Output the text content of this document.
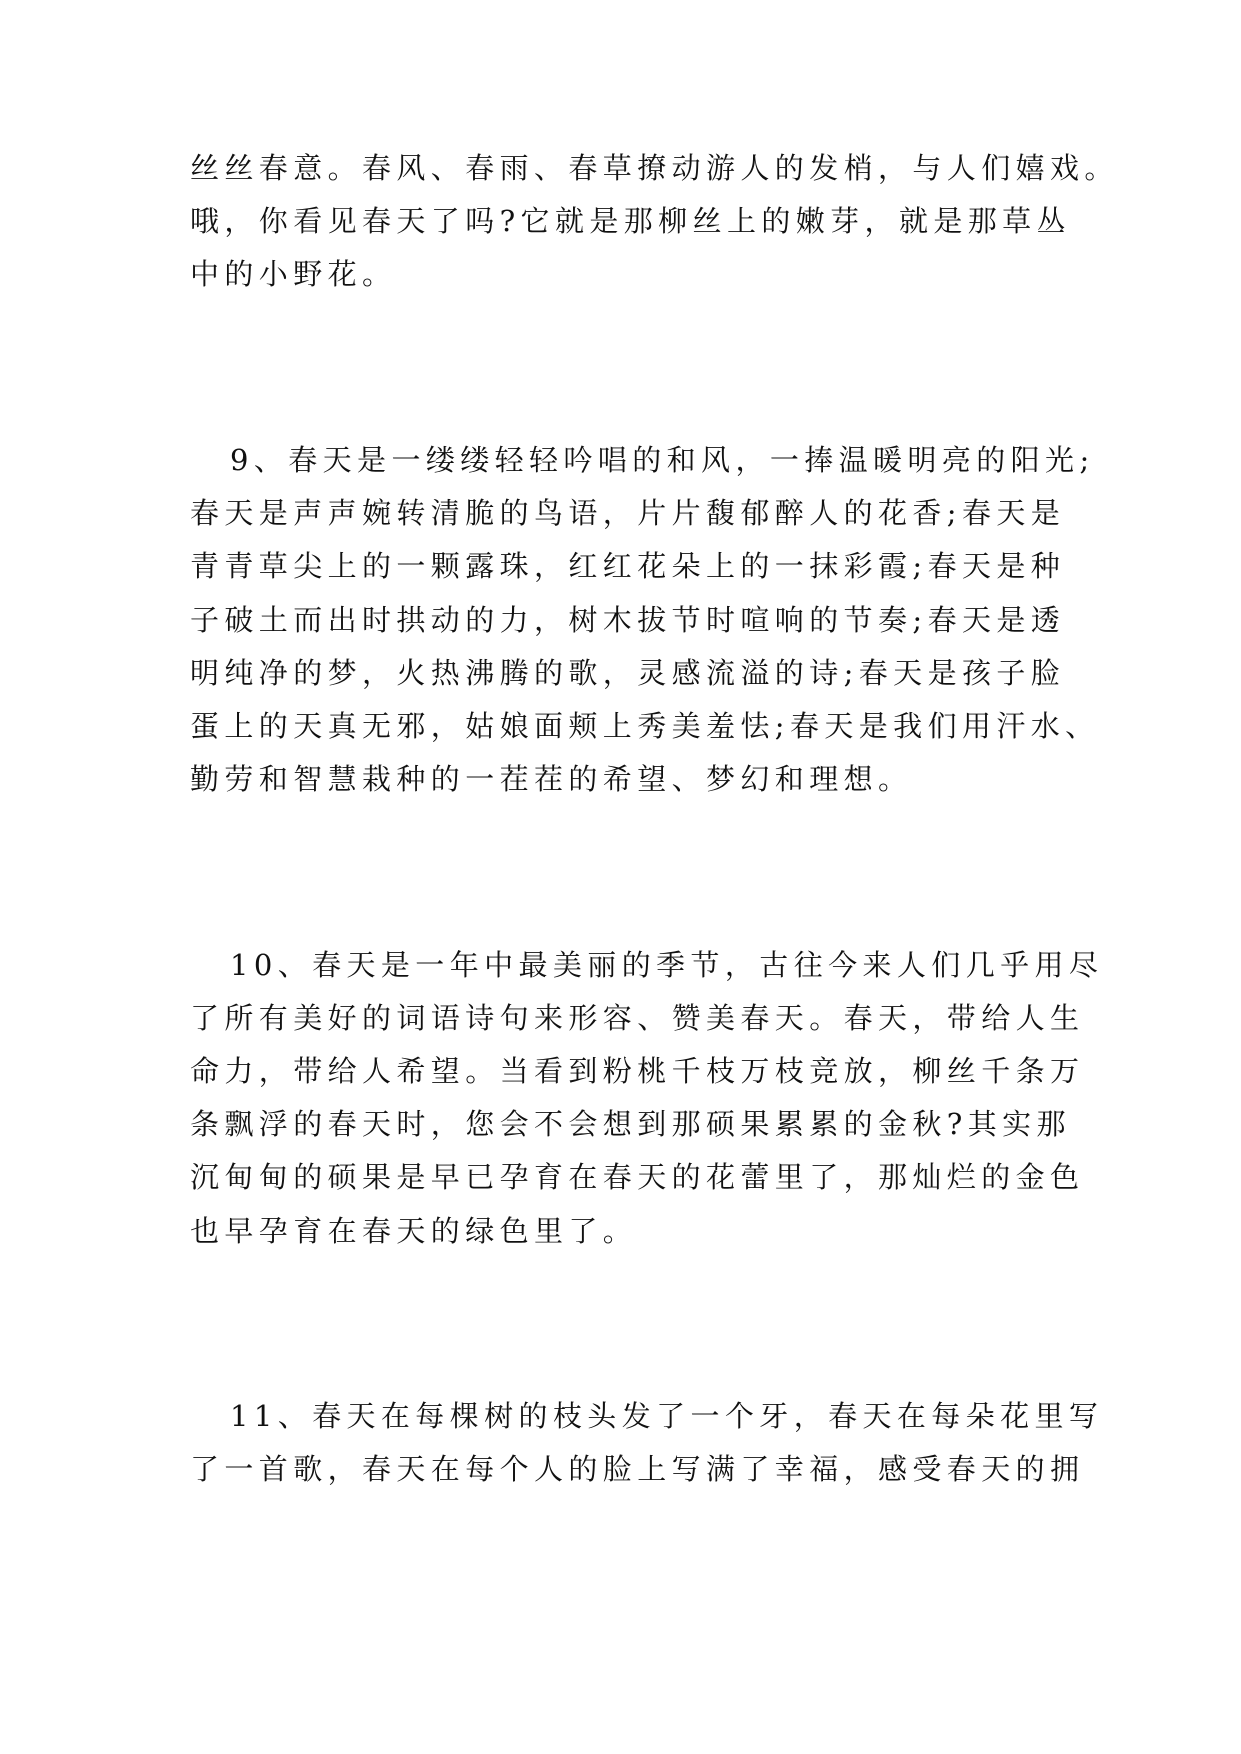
丝丝春意。春风、春雨、春草撩动游人的发梢，与人们嬉戏。
哦，你看见春天了吗?它就是那柳丝上的嫩芽，就是那草丛
中的小野花。
9、春天是一缕缕轻轻吟唱的和风，一捧温暖明亮的阳光;
春天是声声婉转清脆的鸟语，片片馥郁醉人的花香;春天是
青青草尖上的一颗露珠，红红花朵上的一抹彩霞;春天是种
子破土而出时拱动的力，树木拔节时喧响的节奏;春天是透
明纯净的梦，火热沸腾的歌，灵感流溢的诗;春天是孩子脸
蛋上的天真无邪，姑娘面颊上秀美羞怯;春天是我们用汗水、
勤劳和智慧栽种的一茬茬的希望、梦幻和理想。
10、春天是一年中最美丽的季节，古往今来人们几乎用尽
了所有美好的词语诗句来形容、赞美春天。春天，带给人生
命力，带给人希望。当看到粉桃千枝万枝竞放，柳丝千条万
条飘浮的春天时，您会不会想到那硕果累累的金秋?其实那
沉甸甸的硕果是早已孕育在春天的花蕾里了，那灿烂的金色
也早孕育在春天的绿色里了。
11、春天在每棵树的枝头发了一个牙，春天在每朵花里写
了一首歌，春天在每个人的脸上写满了幸福，感受春天的拥
